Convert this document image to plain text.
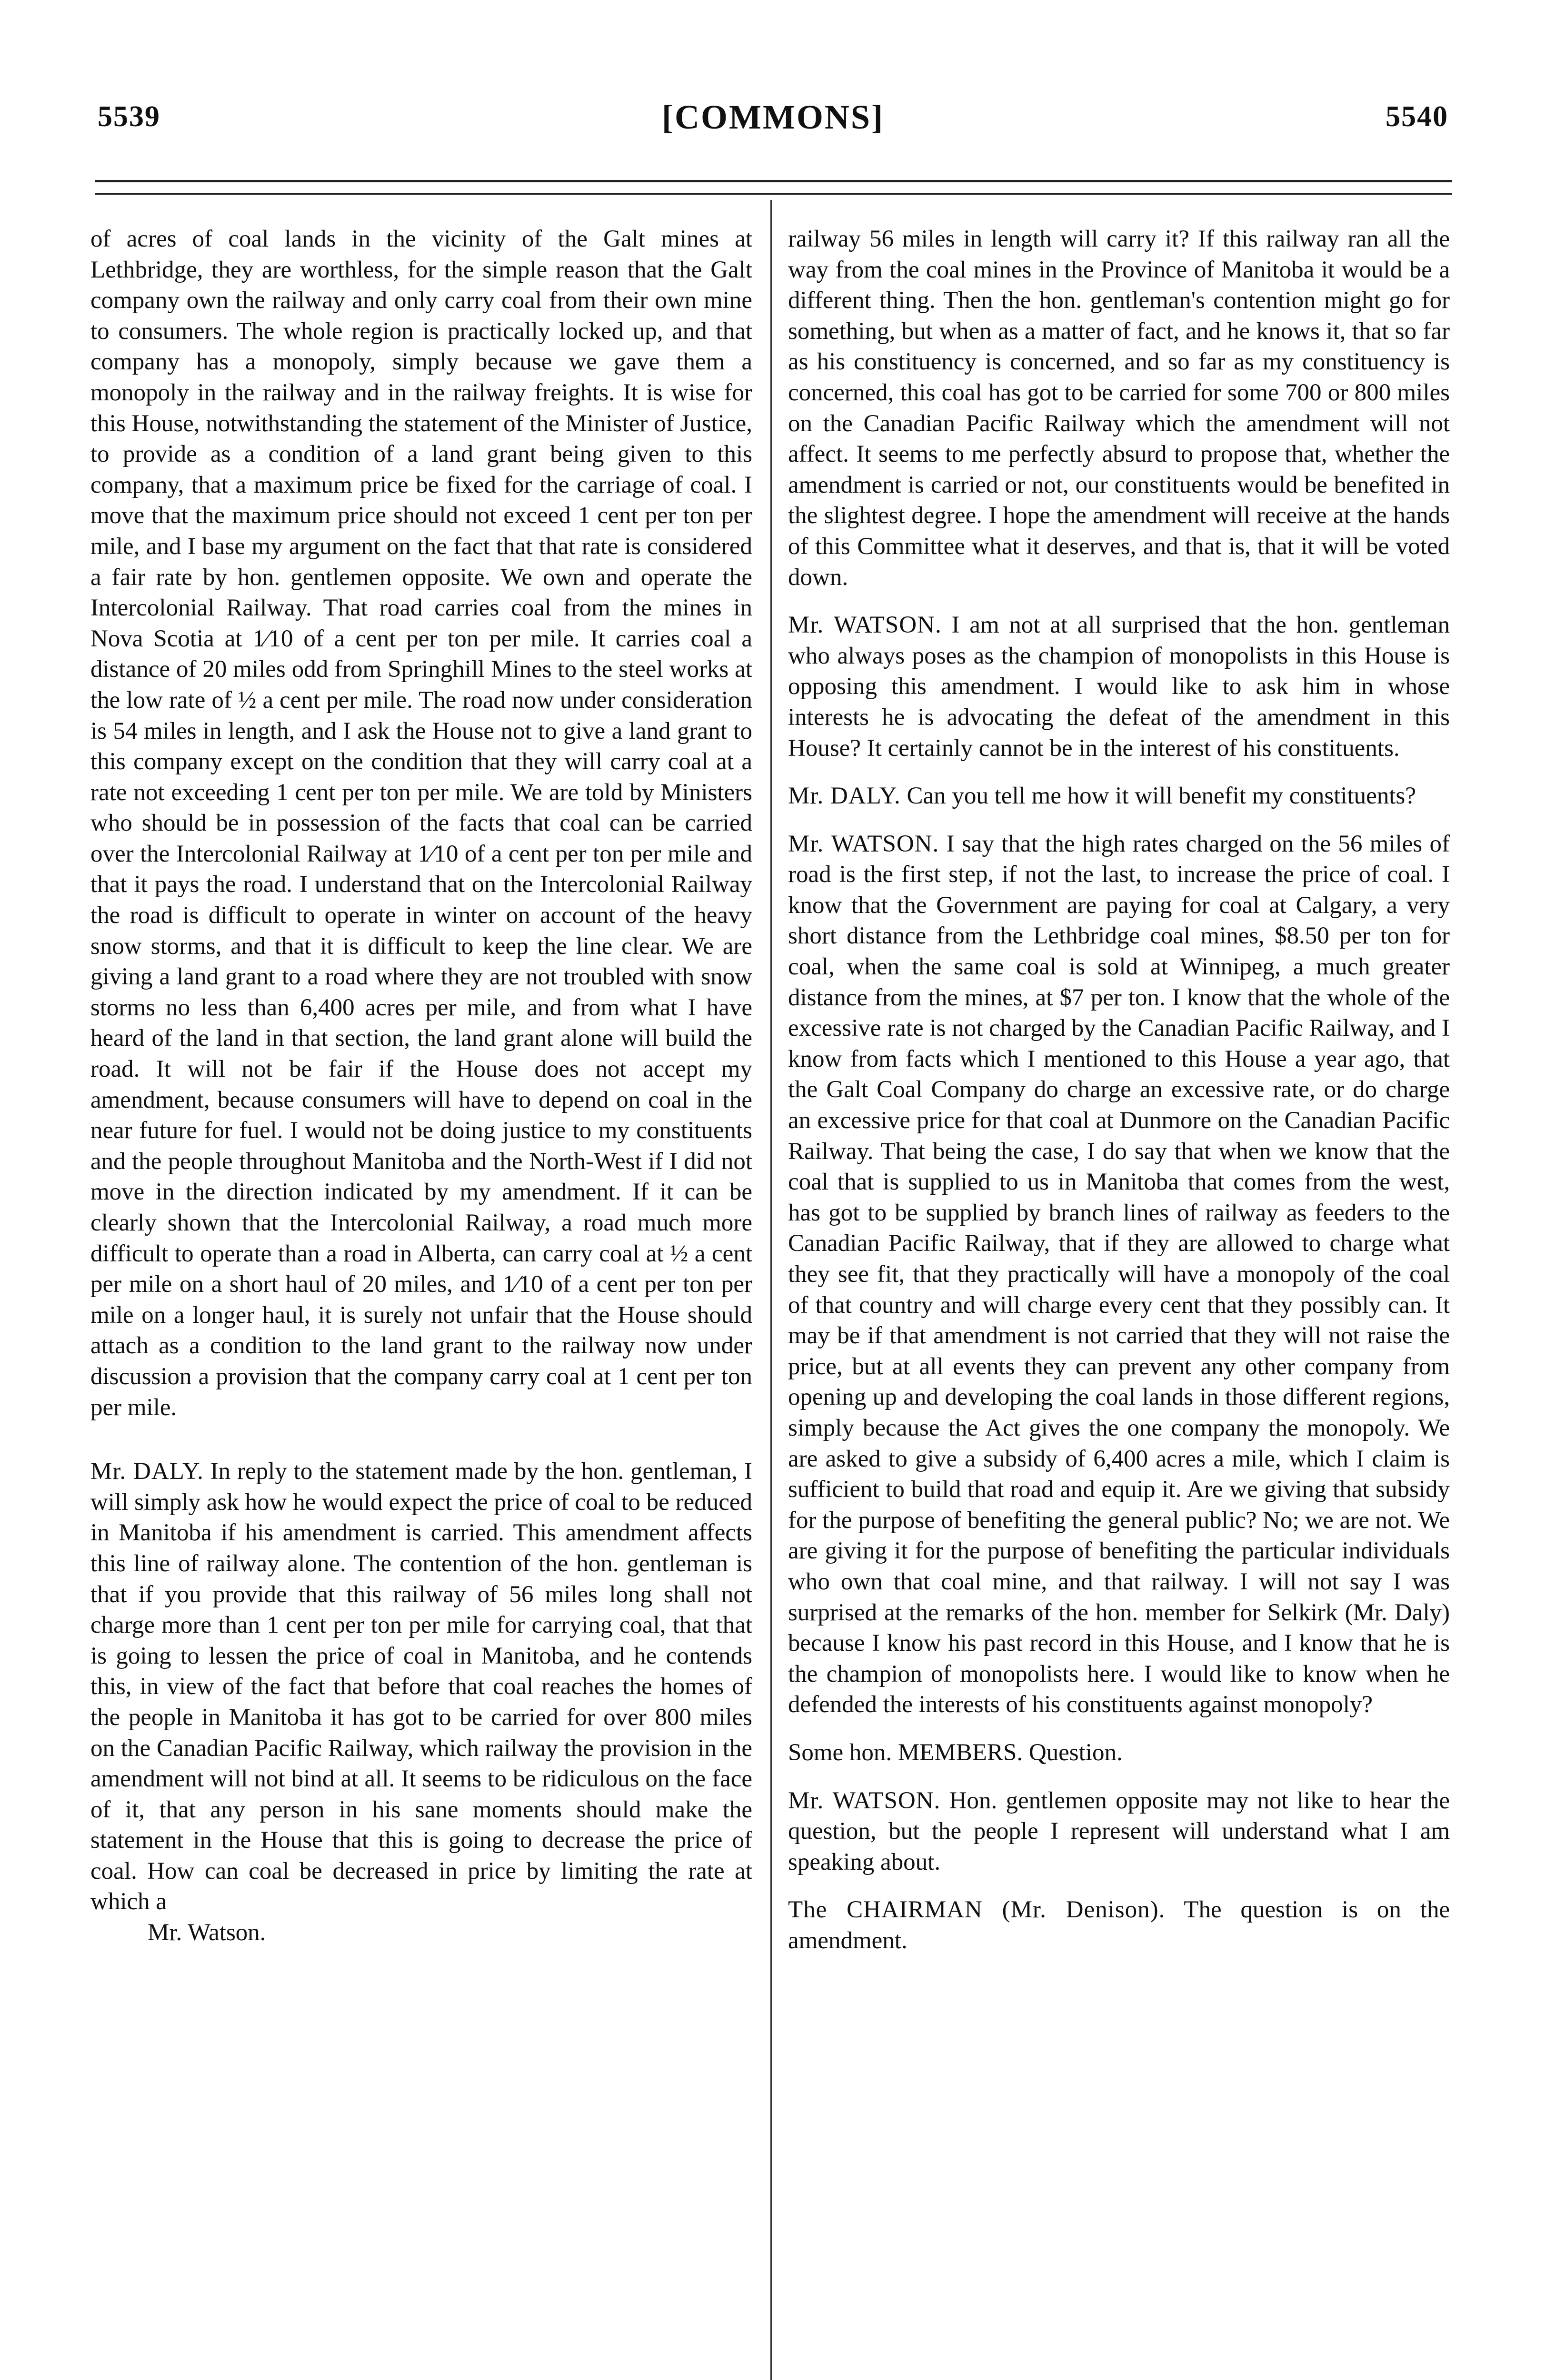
5539	[COMMONS]	5540

of acres of coal lands in the vicinity of the Galt mines at Lethbridge, they are worthless, for the simple reason that the Galt company own the railway and only carry coal from their own mine to consumers. The whole region is practically locked up, and that company has a monopoly, simply because we gave them a monopoly in the railway and in the railway freights. It is wise for this House, notwithstanding the statement of the Minister of Justice, to provide as a condition of a land grant being given to this company, that a maximum price be fixed for the carriage of coal. I move that the maximum price should not exceed 1 cent per ton per mile, and I base my argument on the fact that that rate is considered a fair rate by hon. gentlemen opposite. We own and operate the Intercolonial Railway. That road carries coal from the mines in Nova Scotia at 1⁄10 of a cent per ton per mile. It carries coal a distance of 20 miles odd from Springhill Mines to the steel works at the low rate of ½ a cent per mile. The road now under consideration is 54 miles in length, and I ask the House not to give a land grant to this company except on the condition that they will carry coal at a rate not exceeding 1 cent per ton per mile. We are told by Ministers who should be in possession of the facts that coal can be carried over the Intercolonial Railway at 1⁄10 of a cent per ton per mile and that it pays the road. I understand that on the Intercolonial Railway the road is difficult to operate in winter on account of the heavy snow storms, and that it is difficult to keep the line clear. We are giving a land grant to a road where they are not troubled with snow storms no less than 6,400 acres per mile, and from what I have heard of the land in that section, the land grant alone will build the road. It will not be fair if the House does not accept my amendment, because consumers will have to depend on coal in the near future for fuel. I would not be doing justice to my constituents and the people throughout Manitoba and the North-West if I did not move in the direction indicated by my amendment. If it can be clearly shown that the Intercolonial Railway, a road much more difficult to operate than a road in Alberta, can carry coal at ½ a cent per mile on a short haul of 20 miles, and 1⁄10 of a cent per ton per mile on a longer haul, it is surely not unfair that the House should attach as a condition to the land grant to the railway now under discussion a provision that the company carry coal at 1 cent per ton per mile.

Mr. DALY. In reply to the statement made by the hon. gentleman, I will simply ask how he would expect the price of coal to be reduced in Manitoba if his amendment is carried. This amendment affects this line of railway alone. The contention of the hon. gentleman is that if you provide that this railway of 56 miles long shall not charge more than 1 cent per ton per mile for carrying coal, that that is going to lessen the price of coal in Manitoba, and he contends this, in view of the fact that before that coal reaches the homes of the people in Manitoba it has got to be carried for over 800 miles on the Canadian Pacific Railway, which railway the provision in the amendment will not bind at all. It seems to be ridiculous on the face of it, that any person in his sane moments should make the statement in the House that this is going to decrease the price of coal. How can coal be decreased in price by limiting the rate at which a

Mr. Watson.

railway 56 miles in length will carry it? If this railway ran all the way from the coal mines in the Province of Manitoba it would be a different thing. Then the hon. gentleman's contention might go for something, but when as a matter of fact, and he knows it, that so far as his constituency is concerned, and so far as my constituency is concerned, this coal has got to be carried for some 700 or 800 miles on the Canadian Pacific Railway which the amendment will not affect. It seems to me perfectly absurd to propose that, whether the amendment is carried or not, our constituents would be benefited in the slightest degree. I hope the amendment will receive at the hands of this Committee what it deserves, and that is, that it will be voted down.

Mr. WATSON. I am not at all surprised that the hon. gentleman who always poses as the champion of monopolists in this House is opposing this amendment. I would like to ask him in whose interests he is advocating the defeat of the amendment in this House? It certainly cannot be in the interest of his constituents.

Mr. DALY. Can you tell me how it will benefit my constituents?

Mr. WATSON. I say that the high rates charged on the 56 miles of road is the first step, if not the last, to increase the price of coal. I know that the Government are paying for coal at Calgary, a very short distance from the Lethbridge coal mines, $8.50 per ton for coal, when the same coal is sold at Winnipeg, a much greater distance from the mines, at $7 per ton. I know that the whole of the excessive rate is not charged by the Canadian Pacific Railway, and I know from facts which I mentioned to this House a year ago, that the Galt Coal Company do charge an excessive rate, or do charge an excessive price for that coal at Dunmore on the Canadian Pacific Railway. That being the case, I do say that when we know that the coal that is supplied to us in Manitoba that comes from the west, has got to be supplied by branch lines of railway as feeders to the Canadian Pacific Railway, that if they are allowed to charge what they see fit, that they practically will have a monopoly of the coal of that country and will charge every cent that they possibly can. It may be if that amendment is not carried that they will not raise the price, but at all events they can prevent any other company from opening up and developing the coal lands in those different regions, simply because the Act gives the one company the monopoly. We are asked to give a subsidy of 6,400 acres a mile, which I claim is sufficient to build that road and equip it. Are we giving that subsidy for the purpose of benefiting the general public? No; we are not. We are giving it for the purpose of benefiting the particular individuals who own that coal mine, and that railway. I will not say I was surprised at the remarks of the hon. member for Selkirk (Mr. Daly) because I know his past record in this House, and I know that he is the champion of monopolists here. I would like to know when he defended the interests of his constituents against monopoly?

Some hon. MEMBERS. Question.

Mr. WATSON. Hon. gentlemen opposite may not like to hear the question, but the people I represent will understand what I am speaking about.

The CHAIRMAN (Mr. Denison). The question is on the amendment.
